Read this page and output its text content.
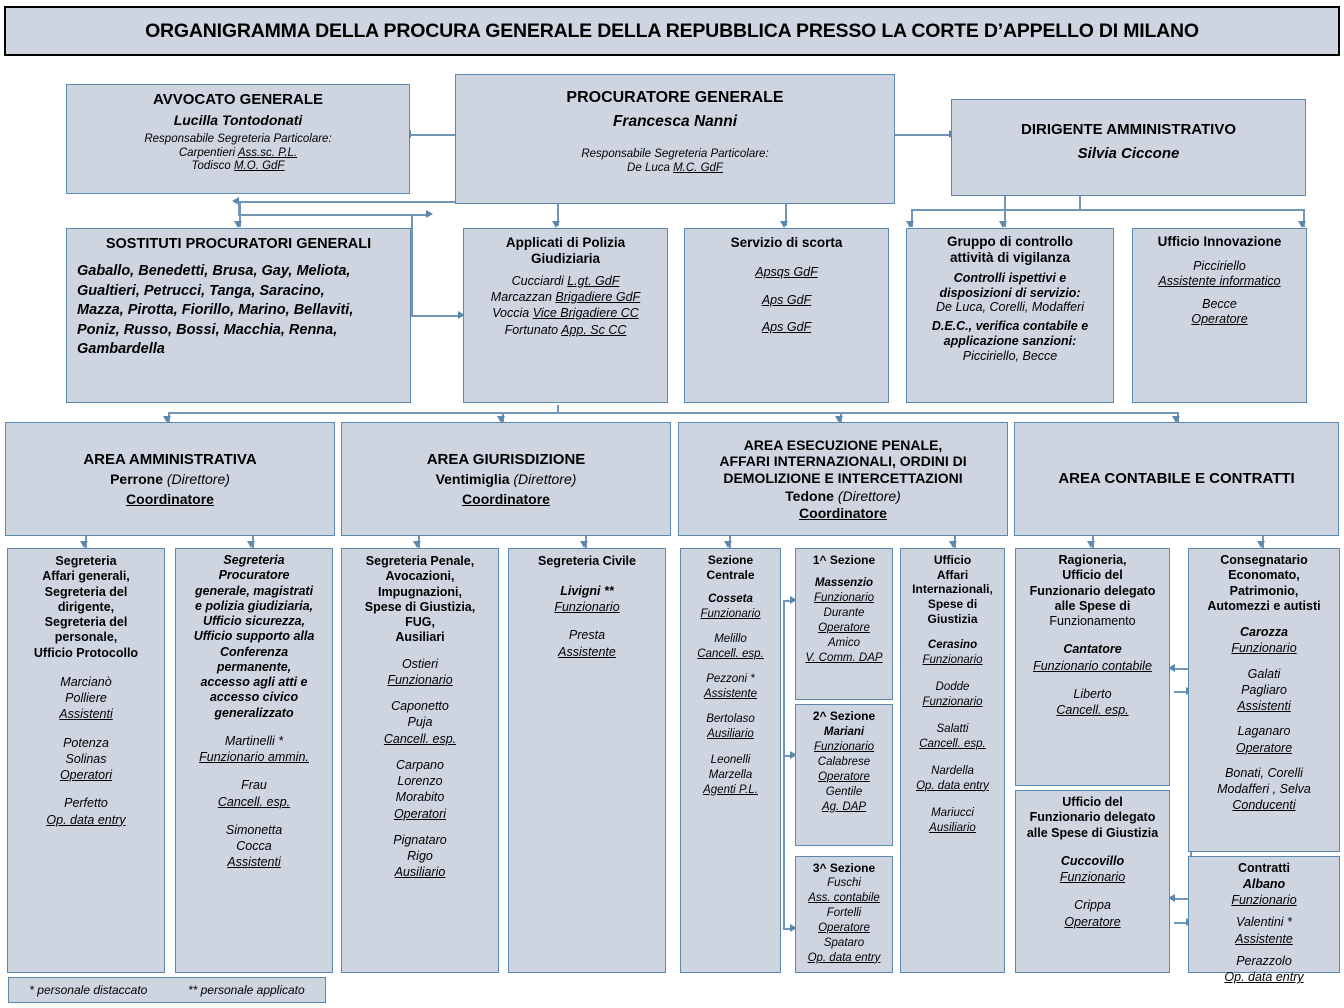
ORGANIGRAMMA DELLA PROCURA GENERALE DELLA REPUBBLICA PRESSO LA CORTE D’APPELLO DI MILANO
AVVOCATO GENERALE
Lucilla Tontodonati
Responsabile Segreteria Particolare:
Carpentieri Ass.sc. P.L.
Todisco M.O. GdF
PROCURATORE GENERALE
Francesca Nanni
Responsabile Segreteria Particolare:
De Luca M.C. GdF
DIRIGENTE AMMINISTRATIVO
Silvia Ciccone
SOSTITUTI PROCURATORI GENERALI
Gaballo, Benedetti, Brusa, Gay, Meliota,
Gualtieri, Petrucci, Tanga, Saracino,
Mazza, Pirotta, Fiorillo, Marino, Bellaviti,
Poniz, Russo, Bossi, Macchia, Renna,
Gambardella
Applicati di Polizia
Giudiziaria
Cucciardi L.gt. GdF
Marcazzan Brigadiere GdF
Voccia Vice Brigadiere CC
Fortunato App. Sc CC
Servizio di scorta
Apsqs GdF
Aps GdF
Aps GdF
Gruppo di controllo
attività di vigilanza
Controlli ispettivi e
disposizioni di servizio:
De Luca, Corelli, Modafferi
D.E.C., verifica contabile e
applicazione sanzioni:
Picciriello, Becce
Ufficio Innovazione
Picciriello
Assistente informatico
Becce
Operatore
AREA AMMINISTRATIVA
Perrone (Direttore)
Coordinatore
AREA GIURISDIZIONE
Ventimiglia (Direttore)
Coordinatore
AREA ESECUZIONE PENALE,
AFFARI INTERNAZIONALI, ORDINI DI
DEMOLIZIONE E INTERCETTAZIONI
Tedone (Direttore)
Coordinatore
AREA CONTABILE E CONTRATTI
Segreteria
Affari generali,
Segreteria del
dirigente,
Segreteria del
personale,
Ufficio Protocollo
Marcianò
Polliere
Assistenti
Potenza
Solinas
Operatori
Perfetto
Op. data entry
Segreteria
Procuratore
generale, magistrati
e polizia giudiziaria,
Ufficio sicurezza,
Ufficio supporto alla
Conferenza
permanente,
accesso agli atti e
accesso civico
generalizzato
Martinelli *
Funzionario ammin.
Frau
Cancell. esp.
Simonetta
Cocca
Assistenti
Segreteria Penale,
Avocazioni,
Impugnazioni,
Spese di Giustizia,
FUG,
Ausiliari
Ostieri
Funzionario
Caponetto
Puja
Cancell. esp.
Carpano
Lorenzo
Morabito
Operatori
Pignataro
Rigo
Ausiliario
Segreteria Civile
Livigni **
Funzionario
Presta
Assistente
Sezione
Centrale
Cosseta
Funzionario
Melillo
Cancell. esp.
Pezzoni *
Assistente
Bertolaso
Ausiliario
Leonelli
Marzella
Agenti P.L.
1^ Sezione
Massenzio
Funzionario
Durante
Operatore
Amico
V. Comm. DAP
2^ Sezione
Mariani
Funzionario
Calabrese
Operatore
Gentile
Ag. DAP
3^ Sezione
Fuschi
Ass. contabile
Fortelli
Operatore
Spataro
Op. data entry
Ufficio
Affari
Internazionali,
Spese di
Giustizia
Cerasino
Funzionario
Dodde
Funzionario
Salatti
Cancell. esp.
Nardella
Op. data entry
Mariucci
Ausiliario
Ragioneria,
Ufficio del
Funzionario delegato
alle Spese di
Funzionamento
Cantatore
Funzionario contabile
Liberto
Cancell. esp.
Ufficio del
Funzionario delegato
alle Spese di Giustizia
Cuccovillo
Funzionario
Crippa
Operatore
Consegnatario
Economato,
Patrimonio,
Automezzi e autisti
Carozza
Funzionario
Galati
Pagliaro
Assistenti
Laganaro
Operatore
Bonati, Corelli
Modafferi , Selva
Conducenti
Contratti
Albano
Funzionario
Valentini *
Assistente
Perazzolo
Op. data entry
* personale distaccato	** personale applicato
